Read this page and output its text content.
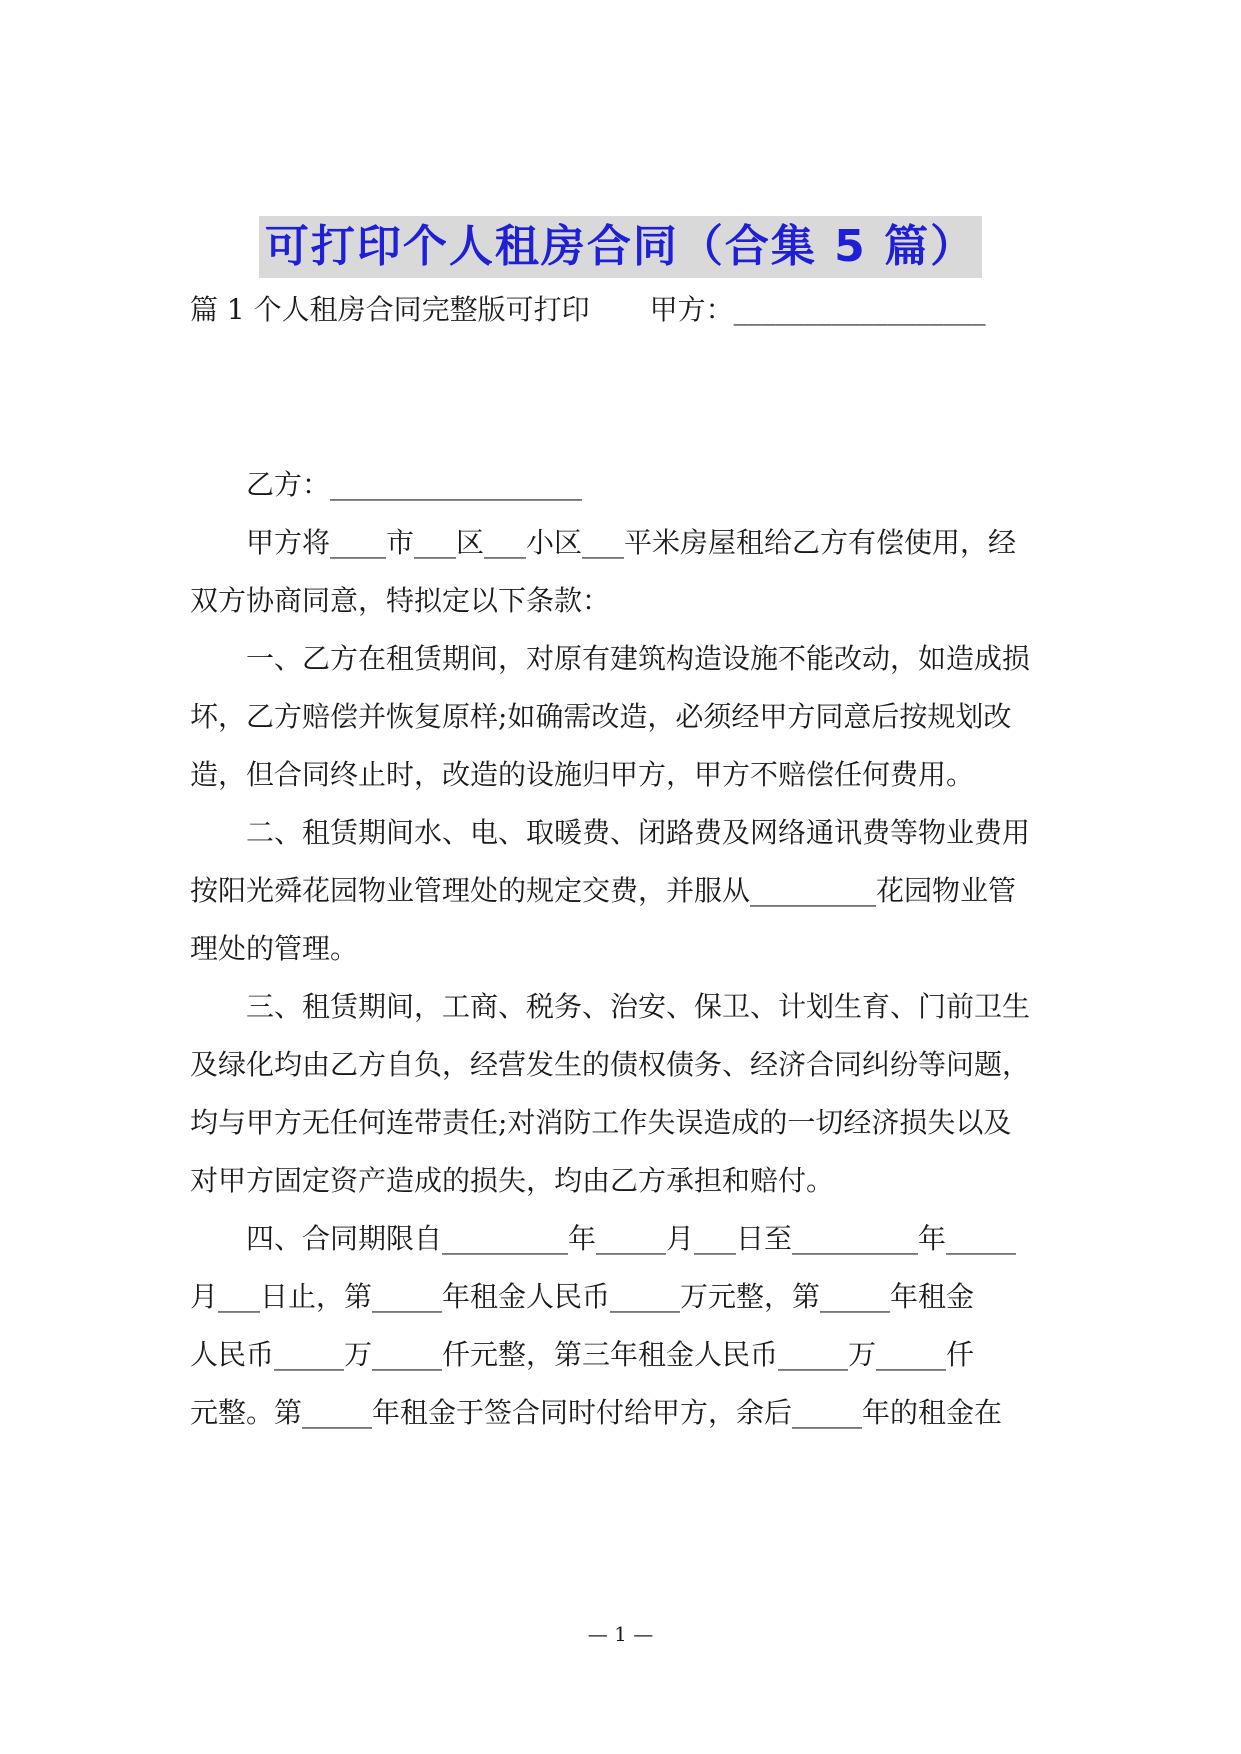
可打印个人租房合同（合集 5 篇）
篇 1 个人租房合同完整版可打印 甲方：__________________
乙方：__________________
甲方将____市___区___小区___平米房屋租给乙方有偿使用，经
双方协商同意，特拟定以下条款：
一、乙方在租赁期间，对原有建筑构造设施不能改动，如造成损
坏，乙方赔偿并恢复原样;如确需改造，必须经甲方同意后按规划改
造，但合同终止时，改造的设施归甲方，甲方不赔偿任何费用。
二、租赁期间水、电、取暖费、闭路费及网络通讯费等物业费用
按阳光舜花园物业管理处的规定交费，并服从_________花园物业管
理处的管理。
三、租赁期间，工商、税务、治安、保卫、计划生育、门前卫生
及绿化均由乙方自负，经营发生的债权债务、经济合同纠纷等问题，
均与甲方无任何连带责任;对消防工作失误造成的一切经济损失以及
对甲方固定资产造成的损失，均由乙方承担和赔付。
四、合同期限自_________年_____月___日至_________年_____
月___日止，第_____年租金人民币_____万元整，第_____年租金
人民币_____万_____仟元整，第三年租金人民币_____万_____仟
元整。第_____年租金于签合同时付给甲方，余后_____年的租金在
— 1 —
